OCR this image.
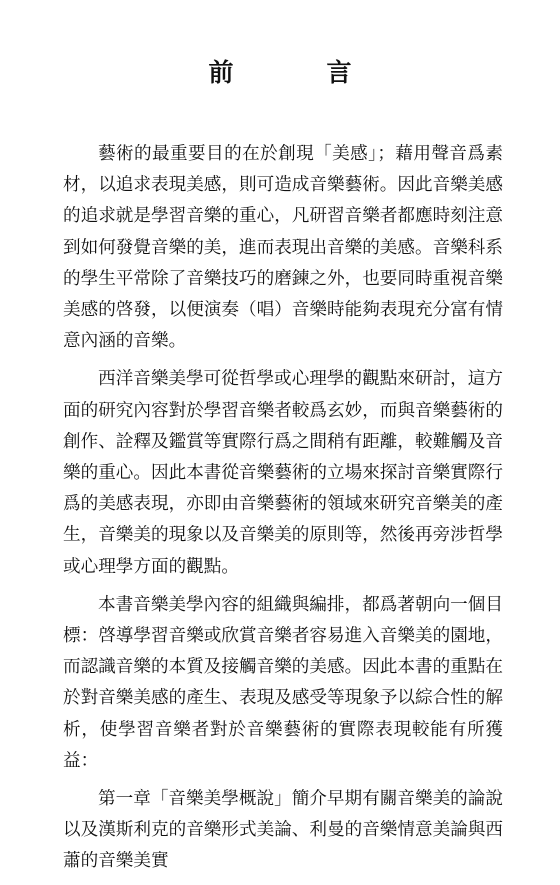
前　言

藝術的最重要目的在於創現「美感」；藉用聲音爲素材，以追求表現美感，則可造成音樂藝術。因此音樂美感的追求就是學習音樂的重心，凡研習音樂者都應時刻注意到如何發覺音樂的美，進而表現出音樂的美感。音樂科系的學生平常除了音樂技巧的磨鍊之外，也要同時重視音樂美感的啓發，以便演奏（唱）音樂時能夠表現充分富有情意內涵的音樂。

西洋音樂美學可從哲學或心理學的觀點來研討，這方面的研究內容對於學習音樂者較爲玄妙，而與音樂藝術的創作、詮釋及鑑賞等實際行爲之間稍有距離，較難觸及音樂的重心。因此本書從音樂藝術的立場來探討音樂實際行爲的美感表現，亦即由音樂藝術的領域來研究音樂美的產生，音樂美的現象以及音樂美的原則等，然後再旁涉哲學或心理學方面的觀點。

本書音樂美學內容的組織與編排，都爲著朝向一個目標：啓導學習音樂或欣賞音樂者容易進入音樂美的園地，而認識音樂的本質及接觸音樂的美感。因此本書的重點在於對音樂美感的產生、表現及感受等現象予以綜合性的解析，使學習音樂者對於音樂藝術的實際表現較能有所獲益：

第一章「音樂美學概說」簡介早期有關音樂美的論說以及漢斯利克的音樂形式美論、利曼的音樂情意美論與西蕭的音樂美實
